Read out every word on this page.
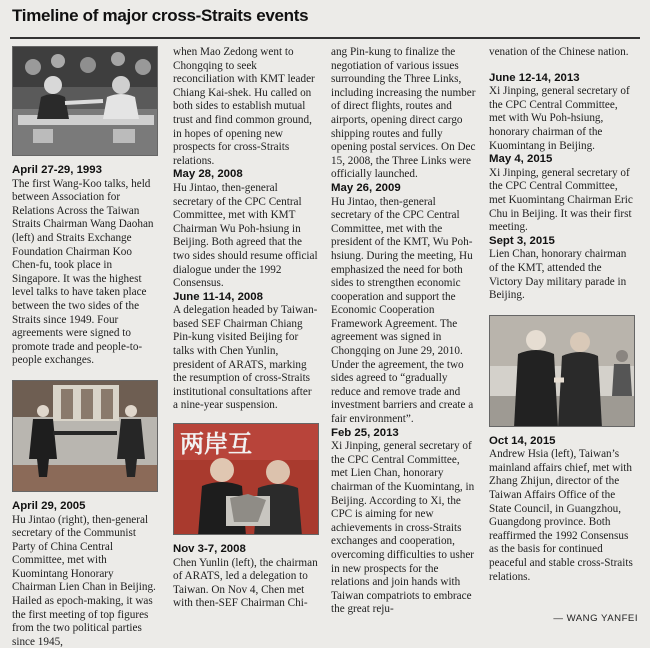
Timeline of major cross-Straits events

April 27-29, 1993

The first Wang-Koo talks, held between Association for Relations Across the Taiwan Straits Chairman Wang Daohan (left) and Straits Exchange Foundation Chairman Koo Chen-fu, took place in Singapore. It was the highest level talks to have taken place between the two sides of the Straits since 1949. Four agreements were signed to promote trade and people-to-people exchanges.

April 29, 2005

Hu Jintao (right), then-general secretary of the Communist Party of China Central Committee, met with Kuomintang Honorary Chairman Lien Chan in Beijing. Hailed as epoch-making, it was the first meeting of top figures from the two political parties since 1945,

when Mao Zedong went to Chongqing to seek reconciliation with KMT leader Chiang Kai-shek. Hu called on both sides to establish mutual trust and find common ground, in hopes of opening new prospects for cross-Straits relations.

May 28, 2008

Hu Jintao, then-general secretary of the CPC Central Committee, met with KMT Chairman Wu Poh-hsiung in Beijing. Both agreed that the two sides should resume official dialogue under the 1992 Consensus.

June 11-14, 2008

A delegation headed by Taiwan-based SEF Chairman Chiang Pin-kung visited Beijing for talks with Chen Yunlin, president of ARATS, marking the resumption of cross-Straits institutional consultations after a nine-year suspension.

两岸互

Nov 3-7, 2008

Chen Yunlin (left), the chairman of ARATS, led a delegation to Taiwan. On Nov 4, Chen met with then-SEF Chairman Chi-

ang Pin-kung to finalize the negotiation of various issues surrounding the Three Links, including increasing the number of direct flights, routes and airports, opening direct cargo shipping routes and fully opening postal services. On Dec 15, 2008, the Three Links were officially launched.

May 26, 2009

Hu Jintao, then-general secretary of the CPC Central Committee, met with the president of the KMT, Wu Poh-hsiung. During the meeting, Hu emphasized the need for both sides to strengthen economic cooperation and support the Economic Cooperation Framework Agreement. The agreement was signed in Chongqing on June 29, 2010. Under the agreement, the two sides agreed to “gradually reduce and remove trade and investment barriers and create a fair environment”.

Feb 25, 2013

Xi Jinping, general secretary of the CPC Central Committee, met Lien Chan, honorary chairman of the Kuomintang, in Beijing. According to Xi, the CPC is aiming for new achievements in cross-Straits exchanges and cooperation, overcoming difficulties to usher in new prospects for the relations and join hands with Taiwan compatriots to embrace the great reju-

venation of the Chinese nation.

June 12-14, 2013

Xi Jinping, general secretary of the CPC Central Committee, met with Wu Poh-hsiung, honorary chairman of the Kuomintang in Beijing.

May 4, 2015

Xi Jinping, general secretary of the CPC Central Committee, met Kuomintang Chairman Eric Chu in Beijing. It was their first meeting.

Sept 3, 2015

Lien Chan, honorary chairman of the KMT, attended the Victory Day military parade in Beijing.

Oct 14, 2015

Andrew Hsia (left), Taiwan’s mainland affairs chief, met with Zhang Zhijun, director of the Taiwan Affairs Office of the State Council, in Guangzhou, Guangdong province. Both reaffirmed the 1992 Consensus as the basis for continued peaceful and stable cross-Straits relations.

— WANG YANFEI
